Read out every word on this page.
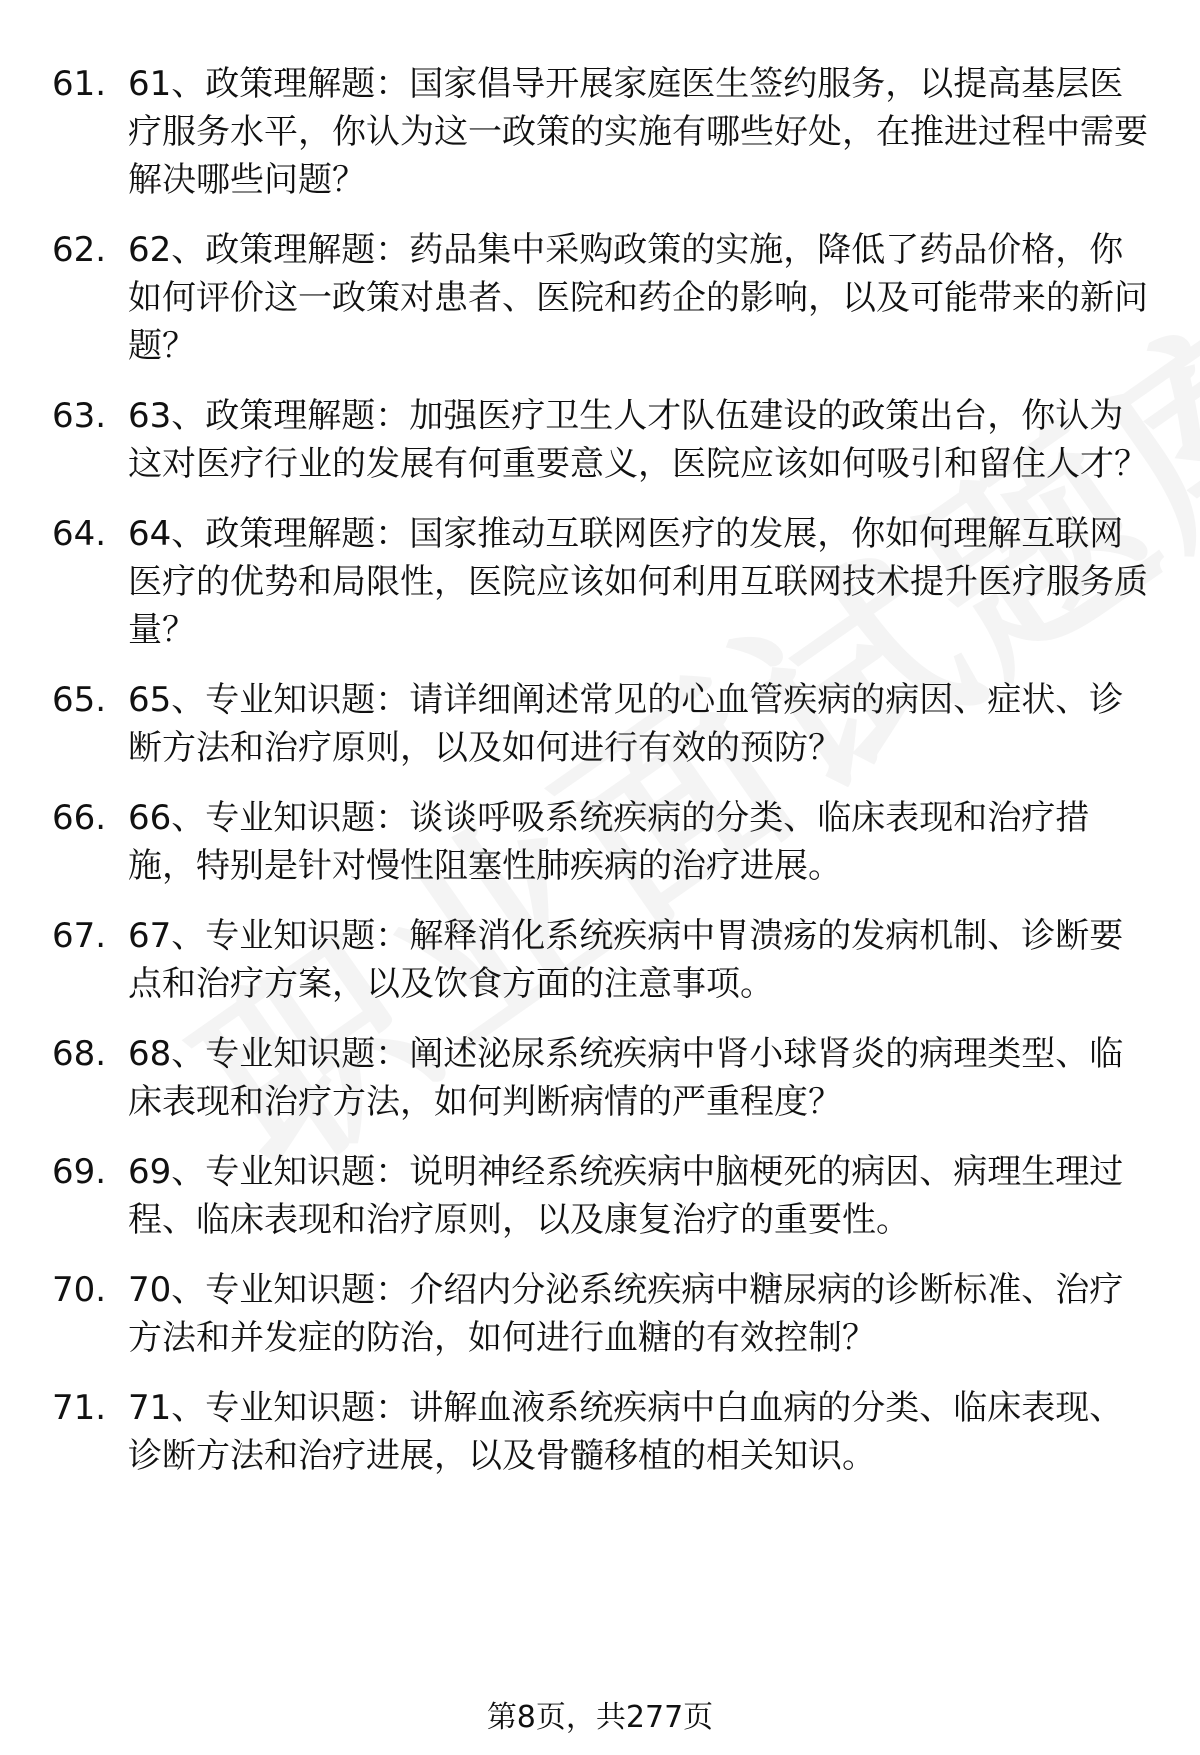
61. 61、政策理解题：国家倡导开展家庭医生签约服务，以提高基层医疗服务水平，你认为这一政策的实施有哪些好处，在推进过程中需要解决哪些问题？
62. 62、政策理解题：药品集中采购政策的实施，降低了药品价格，你如何评价这一政策对患者、医院和药企的影响，以及可能带来的新问题？
63. 63、政策理解题：加强医疗卫生人才队伍建设的政策出台，你认为这对医疗行业的发展有何重要意义，医院应该如何吸引和留住人才？
64. 64、政策理解题：国家推动互联网医疗的发展，你如何理解互联网医疗的优势和局限性，医院应该如何利用互联网技术提升医疗服务质量？
65. 65、专业知识题：请详细阐述常见的心血管疾病的病因、症状、诊断方法和治疗原则，以及如何进行有效的预防？
66. 66、专业知识题：谈谈呼吸系统疾病的分类、临床表现和治疗措施，特别是针对慢性阻塞性肺疾病的治疗进展。
67. 67、专业知识题：解释消化系统疾病中胃溃疡的发病机制、诊断要点和治疗方案，以及饮食方面的注意事项。
68. 68、专业知识题：阐述泌尿系统疾病中肾小球肾炎的病理类型、临床表现和治疗方法，如何判断病情的严重程度？
69. 69、专业知识题：说明神经系统疾病中脑梗死的病因、病理生理过程、临床表现和治疗原则，以及康复治疗的重要性。
70. 70、专业知识题：介绍内分泌系统疾病中糖尿病的诊断标准、治疗方法和并发症的防治，如何进行血糖的有效控制？
71. 71、专业知识题：讲解血液系统疾病中白血病的分类、临床表现、诊断方法和治疗进展，以及骨髓移植的相关知识。
第8页，共277页
